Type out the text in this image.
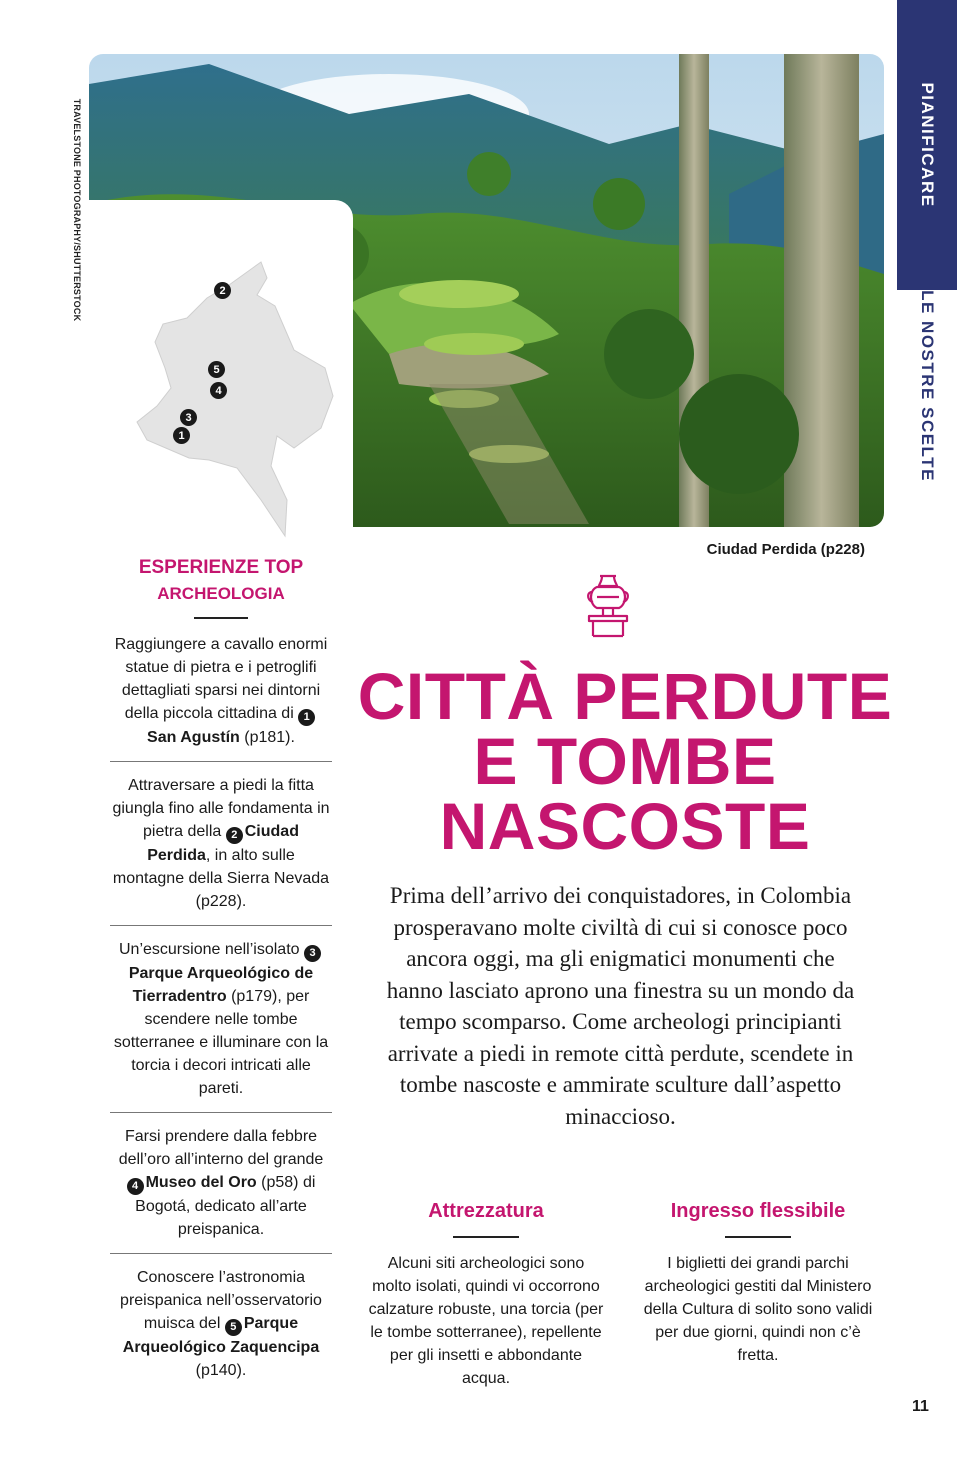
PIANIFICARE
LE NOSTRE SCELTE
TRAVELSTONE PHOTOGRAPHY/SHUTTERSTOCK	2
5
4
3
1
Ciudad Perdida (p228)
ESPERIENZE TOP
ARCHEOLOGIA
Raggiungere a cavallo enormi statue di pietra e i petroglifi dettagliati sparsi nei dintorni della piccola cittadina di 1San Agustín (p181).
Attraversare a piedi la fitta giungla fino alle fondamenta in pietra della 2 Ciudad Perdida, in alto sulle montagne della Sierra Nevada (p228).
Un’escursione nell’isolato 3Parque Arqueológico de Tierradentro (p179), per scendere nelle tombe sotterranee e illuminare con la torcia i decori intricati alle pareti.
Farsi prendere dalla febbre dell’oro all’interno del grande 4 Museo del Oro (p58) di Bogotá, dedicato all’arte preispanica.
Conoscere l’astronomia preispanica nell’osservatorio muisca del 5 Parque Arqueológico Zaquencipa (p140).
CITTÀ PERDUTE
E TOMBE
NASCOSTE
Prima dell’arrivo dei conquistadores, in Colombia prosperavano molte civiltà di cui si conosce poco ancora oggi, ma gli enigmatici monumenti che hanno lasciato aprono una finestra su un mondo da tempo scomparso. Come archeologi principianti arrivate a piedi in remote città perdute, scendete in tombe nascoste e ammirate sculture dall’aspetto minaccioso.
Attrezzatura
Alcuni siti archeologici sono molto isolati, quindi vi occorrono calzature robuste, una torcia (per le tombe sotterranee), repellente per gli insetti e abbondante acqua.
Ingresso flessibile
I biglietti dei grandi parchi archeologici gestiti dal Ministero della Cultura di solito sono validi per due giorni, quindi non c’è fretta.
11
